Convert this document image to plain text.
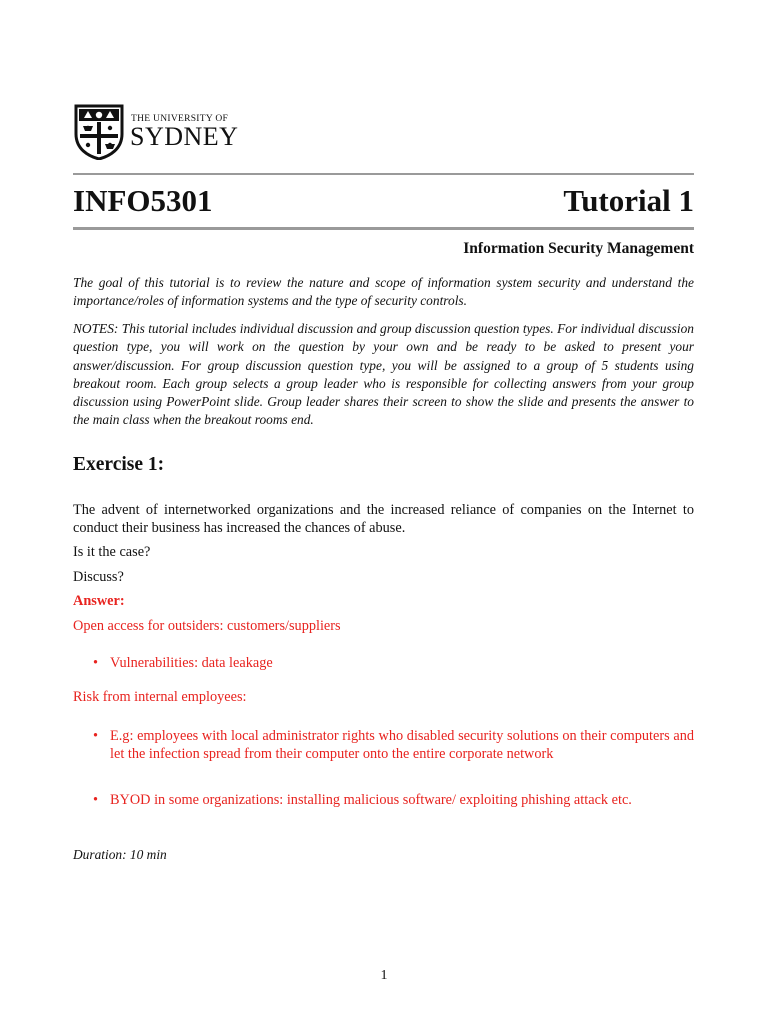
THE UNIVERSITY OF
SYDNEY
INFO5301	Tutorial 1
Information Security Management
The goal of this tutorial is to review the nature and scope of information system security and understand the importance/roles of information systems and the type of security controls.
NOTES: This tutorial includes individual discussion and group discussion question types. For individual discussion question type, you will work on the question by your own and be ready to be asked to present your answer/discussion. For group discussion question type, you will be assigned to a group of 5 students using breakout room. Each group selects a group leader who is responsible for collecting answers from your group discussion using PowerPoint slide. Group leader shares their screen to show the slide and presents the answer to the main class when the breakout rooms end.
Exercise 1:
The advent of internetworked organizations and the increased reliance of companies on the Internet to conduct their business has increased the chances of abuse.
Is it the case?
Discuss?
Answer:
Open access for outsiders: customers/suppliers
• Vulnerabilities: data leakage
Risk from internal employees:
• E.g: employees with local administrator rights who disabled security solutions on their computers and let the infection spread from their computer onto the entire corporate network
• BYOD in some organizations: installing malicious software/ exploiting phishing attack etc.
Duration: 10 min
1
